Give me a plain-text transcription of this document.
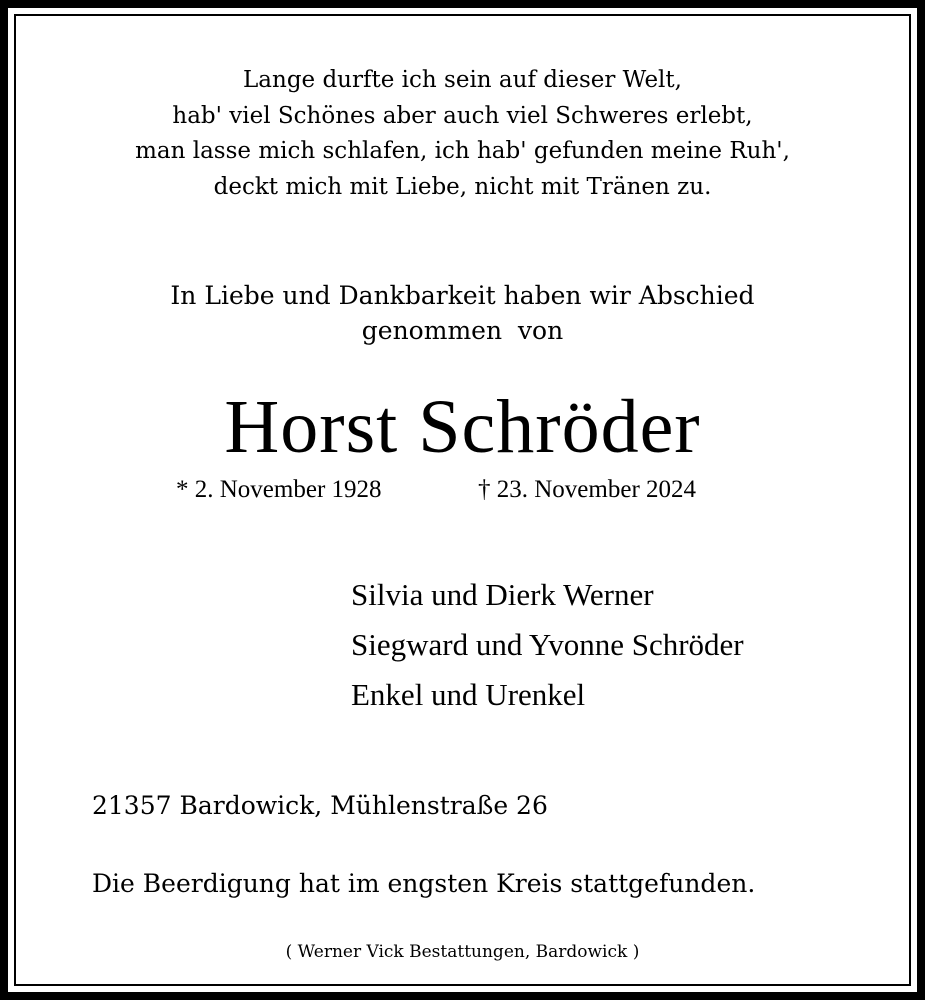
Lange durfte ich sein auf dieser Welt,
hab' viel Schönes aber auch viel Schweres erlebt,
man lasse mich schlafen, ich hab' gefunden meine Ruh',
deckt mich mit Liebe, nicht mit Tränen zu.
In Liebe und Dankbarkeit haben wir Abschied
genommen  von
Horst Schröder
* 2. November 1928	† 23. November 2024
Silvia und Dierk Werner
Siegward und Yvonne Schröder
Enkel und Urenkel
21357 Bardowick, Mühlenstraße 26
Die Beerdigung hat im engsten Kreis stattgefunden.
( Werner Vick Bestattungen, Bardowick )
